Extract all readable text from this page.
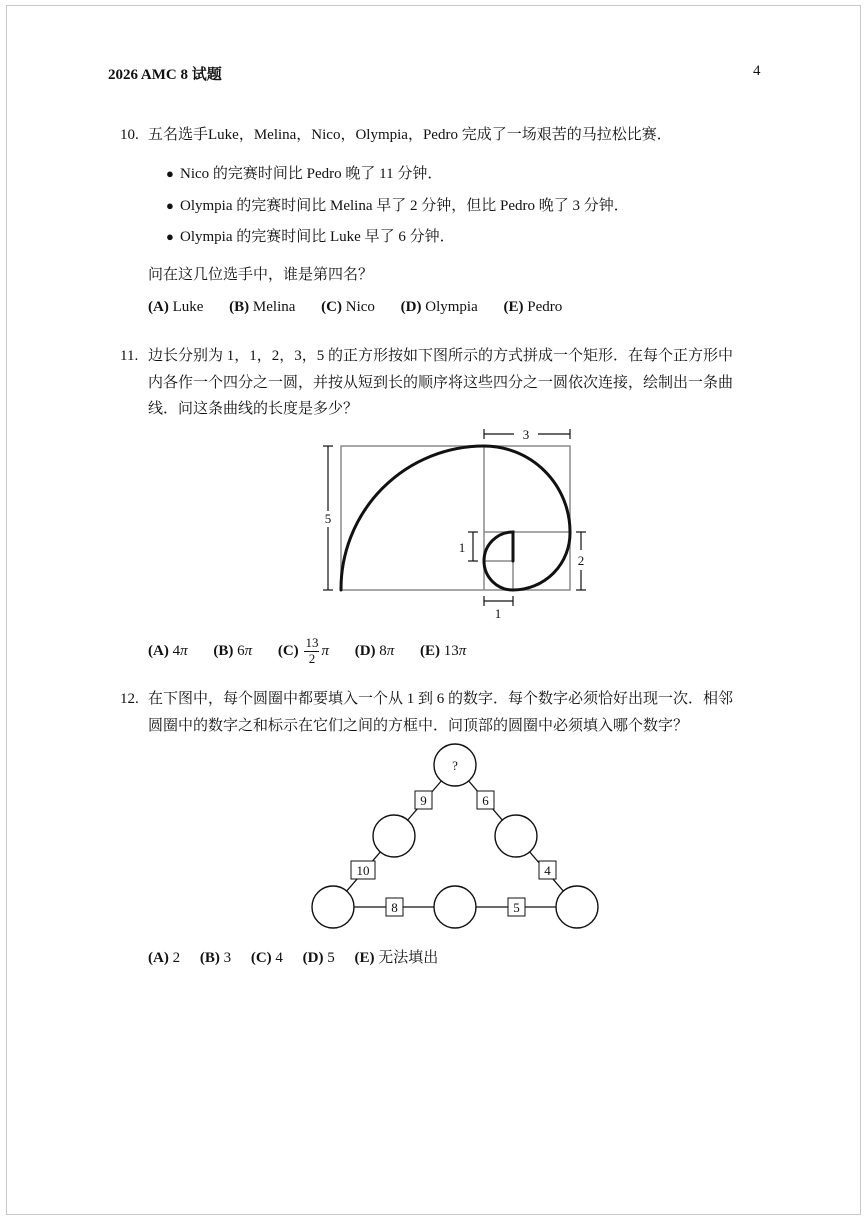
2026 AMC 8 试题	4
10. 五名选手Luke，Melina，Nico，Olympia，Pedro 完成了一场艰苦的马拉松比赛．
● Nico 的完赛时间比 Pedro 晚了 11 分钟．
● Olympia 的完赛时间比 Melina 早了 2 分钟，但比 Pedro 晚了 3 分钟．
● Olympia 的完赛时间比 Luke 早了 6 分钟．
问在这几位选手中，谁是第四名？
(A) Luke (B) Melina (C) Nico (D) Olympia (E) Pedro
11. 边长分别为 1，1，2，3，5 的正方形按如下图所示的方式拼成一个矩形．在每个正方形中
内各作一个四分之一圆，并按从短到长的顺序将这些四分之一圆依次连接，绘制出一条曲
线．问这条曲线的长度是多少？
3
5
1
2
1
(A) 4π (B) 6π $(C) \frac{13}{2}$ π (D) 8π (E) 13π
12. 在下图中，每个圆圈中都要填入一个从 1 到 6 的数字．每个数字必须恰好出现一次．相邻
圆圈中的数字之和标示在它们之间的方框中．问顶部的圆圈中必须填入哪个数字？
?
9	6
10	4
8	5
(A) 2 (B) 3 (C) 4 (D) 5 (E) 无法填出
